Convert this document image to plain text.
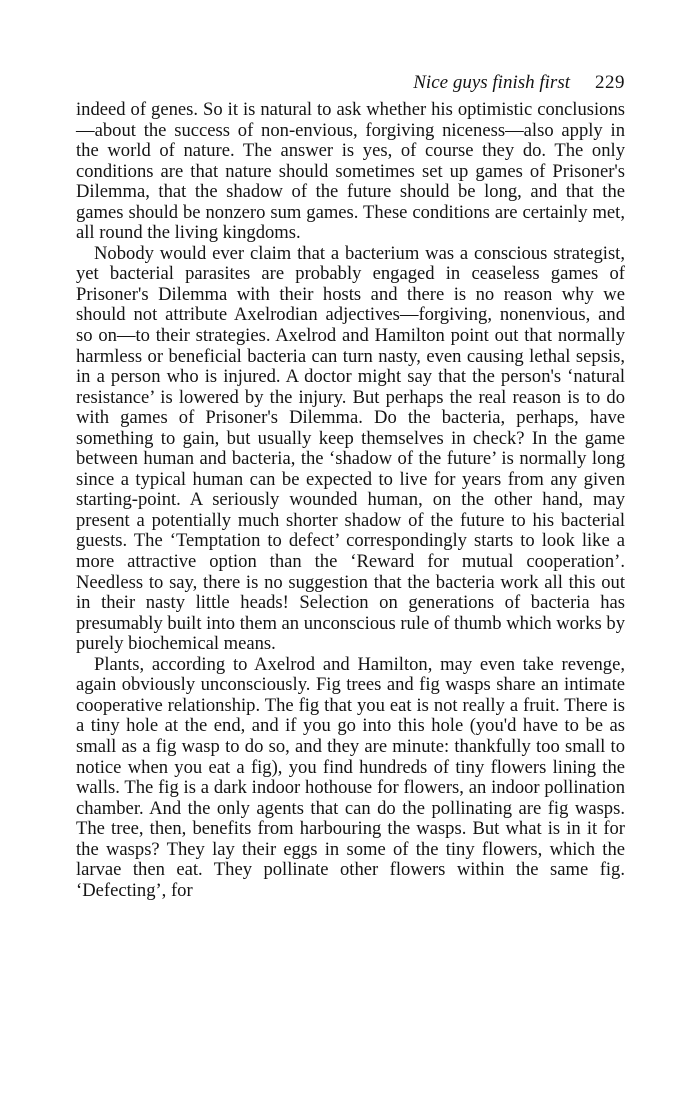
Nice guys finish first 229

indeed of genes. So it is natural to ask whether his optimistic conclusions—about the success of non-envious, forgiving niceness—also apply in the world of nature. The answer is yes, of course they do. The only conditions are that nature should sometimes set up games of Prisoner's Dilemma, that the shadow of the future should be long, and that the games should be nonzero sum games. These conditions are certainly met, all round the living kingdoms.

Nobody would ever claim that a bacterium was a conscious strategist, yet bacterial parasites are probably engaged in ceaseless games of Prisoner's Dilemma with their hosts and there is no reason why we should not attribute Axelrodian adjectives—forgiving, nonenvious, and so on—to their strategies. Axelrod and Hamilton point out that normally harmless or beneficial bacteria can turn nasty, even causing lethal sepsis, in a person who is injured. A doctor might say that the person's ‘natural resistance’ is lowered by the injury. But perhaps the real reason is to do with games of Prisoner's Dilemma. Do the bacteria, perhaps, have something to gain, but usually keep themselves in check? In the game between human and bacteria, the ‘shadow of the future’ is normally long since a typical human can be expected to live for years from any given starting-point. A seriously wounded human, on the other hand, may present a potentially much shorter shadow of the future to his bacterial guests. The ‘Temptation to defect’ correspondingly starts to look like a more attractive option than the ‘Reward for mutual cooperation’. Needless to say, there is no suggestion that the bacteria work all this out in their nasty little heads! Selection on generations of bacteria has presumably built into them an unconscious rule of thumb which works by purely biochemical means.

Plants, according to Axelrod and Hamilton, may even take revenge, again obviously unconsciously. Fig trees and fig wasps share an intimate cooperative relationship. The fig that you eat is not really a fruit. There is a tiny hole at the end, and if you go into this hole (you'd have to be as small as a fig wasp to do so, and they are minute: thankfully too small to notice when you eat a fig), you find hundreds of tiny flowers lining the walls. The fig is a dark indoor hothouse for flowers, an indoor pollination chamber. And the only agents that can do the pollinating are fig wasps. The tree, then, benefits from harbouring the wasps. But what is in it for the wasps? They lay their eggs in some of the tiny flowers, which the larvae then eat. They pollinate other flowers within the same fig. ‘Defecting’, for
